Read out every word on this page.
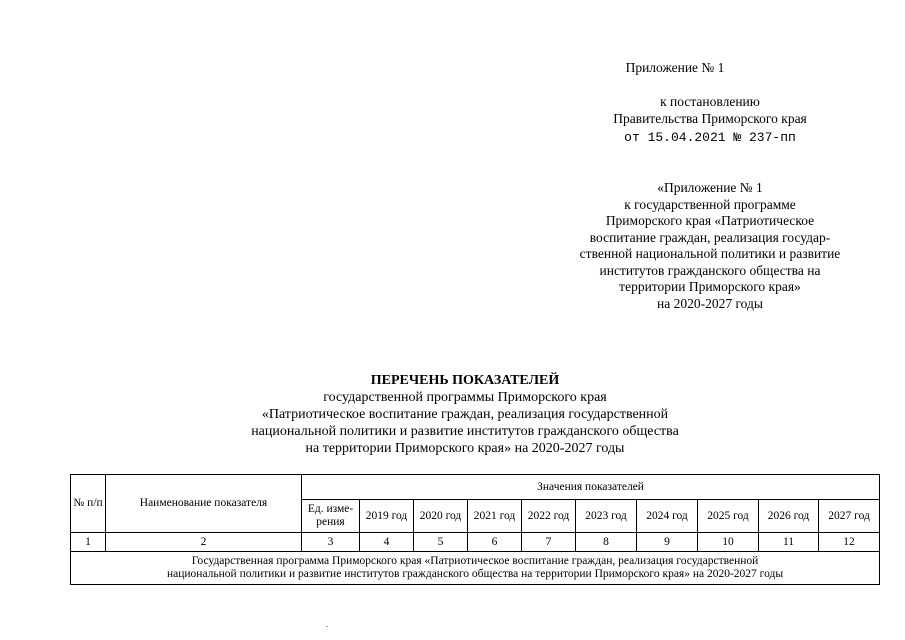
Приложение № 1
к постановлению
Правительства Приморского края
от 15.04.2021 № 237-пп
«Приложение № 1
к государственной программе
Приморского края «Патриотическое
воспитание граждан, реализация государ-
ственной национальной политики и развитие
институтов гражданского общества на
территории Приморского края»
на 2020-2027 годы
ПЕРЕЧЕНЬ ПОКАЗАТЕЛЕЙ
государственной программы Приморского края
«Патриотическое воспитание граждан, реализация государственной
национальной политики и развитие институтов гражданского общества
на территории Приморского края» на 2020-2027 годы
№ п/п	Наименование показателя	Значения показателей									
		Ед. изме-рения	2019 год	2020 год	2021 год	2022 год	2023 год	2024 год	2025 год	2026 год	2027 год
1	2	3	4	5	6	7	8	9	10	11	12

Государственная программа Приморского края «Патриотическое воспитание граждан, реализация государственной
национальной политики и развитие институтов гражданского общества на территории Приморского края» на 2020-2027 годы											
